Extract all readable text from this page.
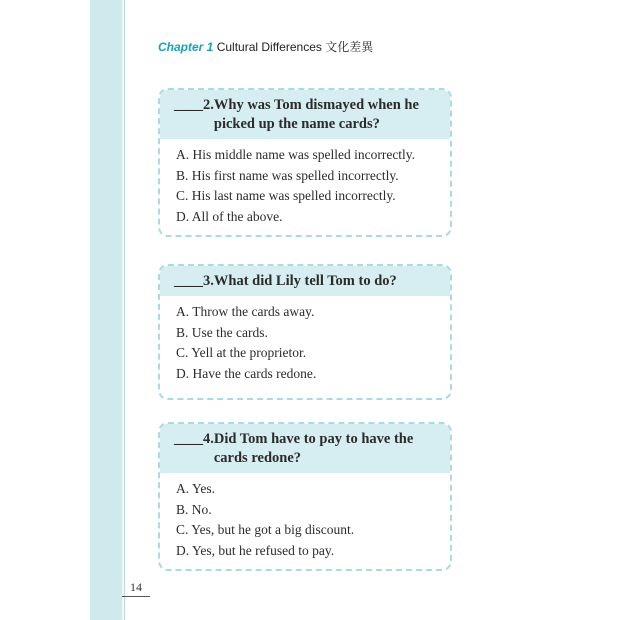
Chapter 1 Cultural Differences 文化差異
____2. Why was Tom dismayed when he picked up the name cards?
A. His middle name was spelled incorrectly.
B. His first name was spelled incorrectly.
C. His last name was spelled incorrectly.
D. All of the above.
____3. What did Lily tell Tom to do?
A. Throw the cards away.
B. Use the cards.
C. Yell at the proprietor.
D. Have the cards redone.
____4. Did Tom have to pay to have the cards redone?
A. Yes.
B. No.
C. Yes, but he got a big discount.
D. Yes, but he refused to pay.
14
